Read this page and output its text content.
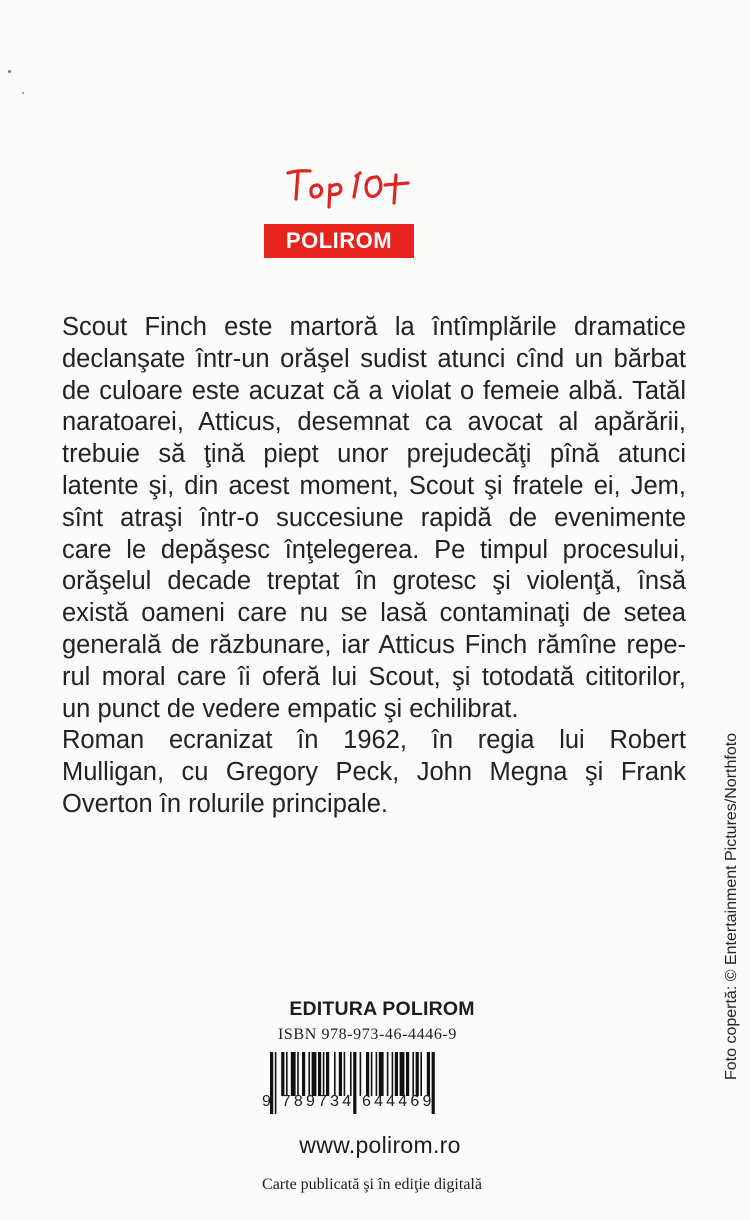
POLIROM
Scout Finch este martoră la întîmplările dramatice
declanşate într-un orăşel sudist atunci cînd un bărbat
de culoare este acuzat că a violat o femeie albă. Tatăl
naratoarei, Atticus, desemnat ca avocat al apărării,
trebuie să ţină piept unor prejudecăţi pînă atunci
latente şi, din acest moment, Scout şi fratele ei, Jem,
sînt atraşi într-o succesiune rapidă de evenimente
care le depăşesc înţelegerea. Pe timpul procesului,
orăşelul decade treptat în grotesc şi violenţă, însă
există oameni care nu se lasă contaminaţi de setea
generală de răzbunare, iar Atticus Finch rămîne repe-
rul moral care îi oferă lui Scout, şi totodată cititorilor,
un punct de vedere empatic şi echilibrat.
Roman ecranizat în 1962, în regia lui Robert
Mulligan, cu Gregory Peck, John Megna şi Frank
Overton în rolurile principale.	Foto copertă: © Entertainment Pictures/Northfoto
EDITURA POLIROM
ISBN 978-973-46-4446-9
9 789734 644469
www.polirom.ro
Carte publicată şi în ediţie digitală
